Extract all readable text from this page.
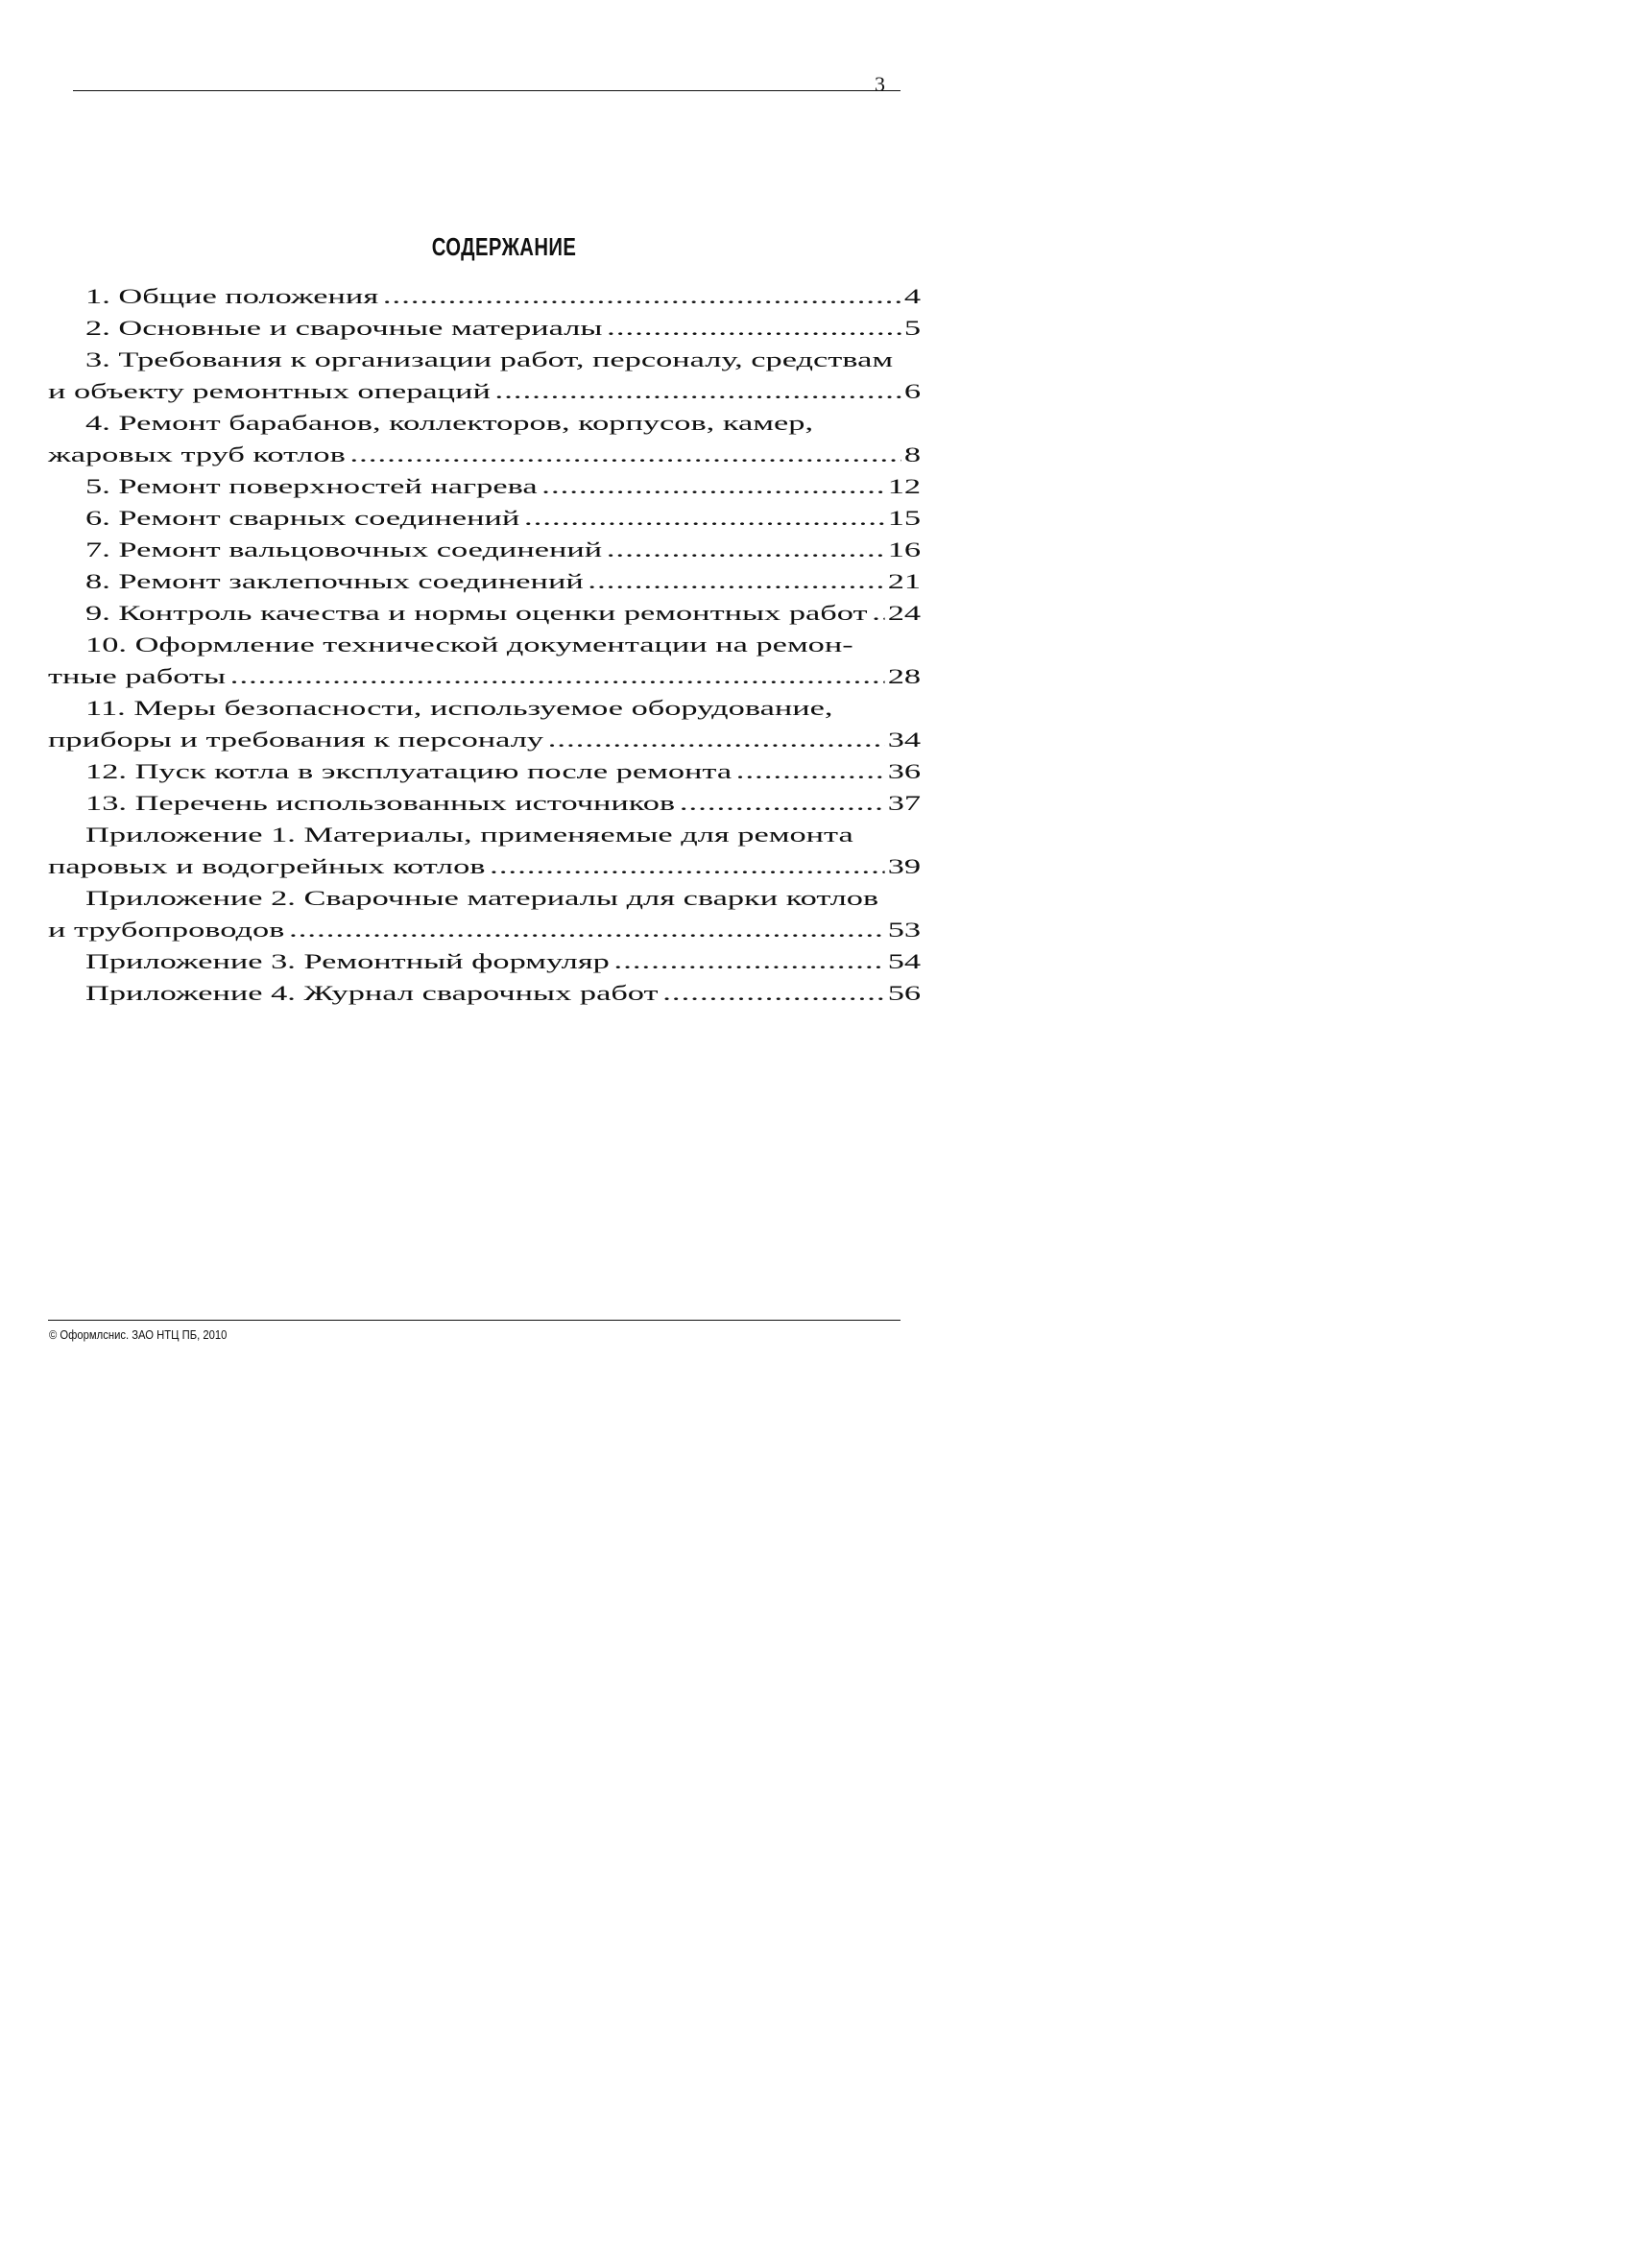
3
СОДЕРЖАНИЕ
1. Общие положения .....	4
2. Основные и сварочные материалы .....	5
3. Требования к организации работ, персоналу, средствам
и объекту ремонтных операций .....	6
4. Ремонт барабанов, коллекторов, корпусов, камер,
жаровых труб котлов .....	8
5. Ремонт поверхностей нагрева .....	12
6. Ремонт сварных соединений .....	15
7. Ремонт вальцовочных соединений .....	16
8. Ремонт заклепочных соединений .....	21
9. Контроль качества и нормы оценки ремонтных работ ..... 24
10. Оформление технической документации на ремон-
тные работы .....	28
11. Меры безопасности, используемое оборудование,
приборы и требования к персоналу .....	34
12. Пуск котла в эксплуатацию после ремонта .....	36
13. Перечень использованных источников .....	37
Приложение 1. Материалы, применяемые для ремонта
паровых и водогрейных котлов .....	39
Приложение 2. Сварочные материалы для сварки котлов
и трубопроводов .....	53
Приложение 3. Ремонтный формуляр .....	54
Приложение 4. Журнал сварочных работ .....	56
© Оформлснис. ЗАО НТЦ ПБ, 2010
